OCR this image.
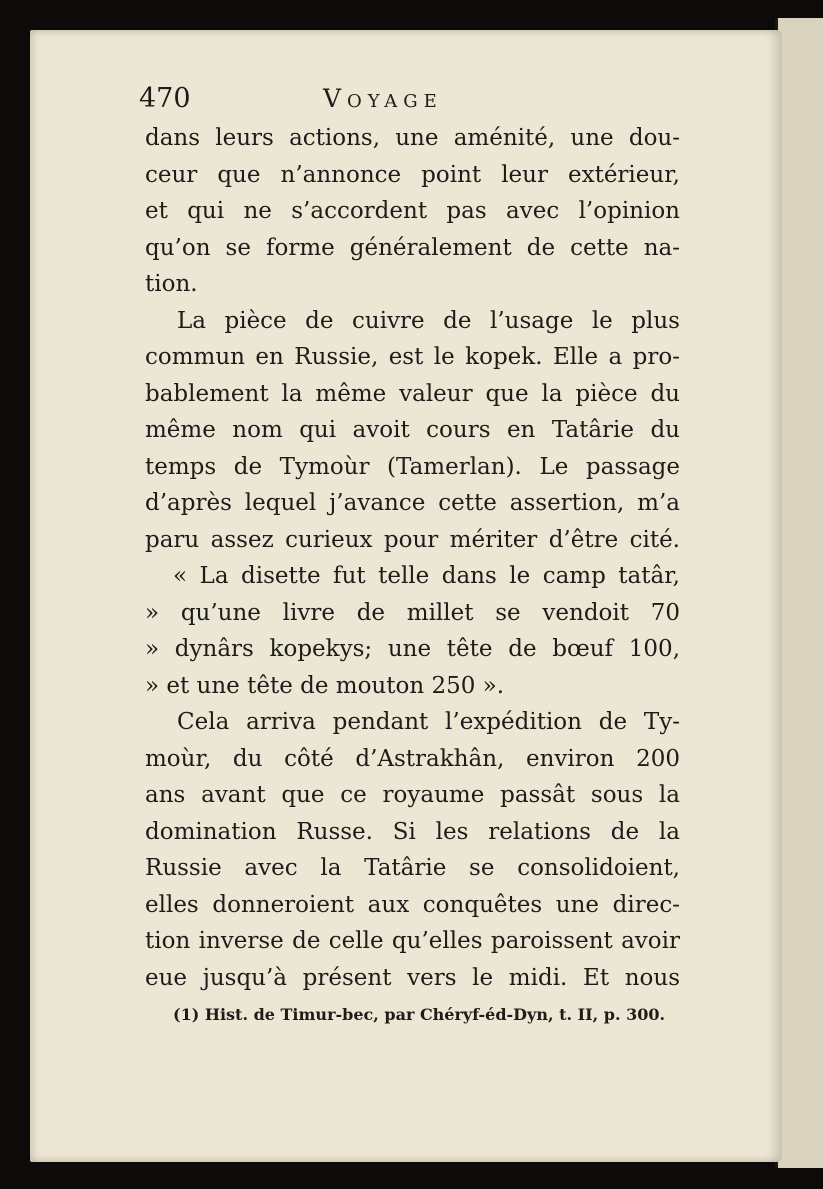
470	Voyage
dans leurs actions, une aménité, une dou-
ceur que n’annonce point leur extérieur,
et qui ne s’accordent pas avec l’opinion
qu’on se forme généralement de cette na-
tion.
La pièce de cuivre de l’usage le plus
commun en Russie, est le kopek. Elle a pro-
bablement la même valeur que la pièce du
même nom qui avoit cours en Tatârie du
temps de Tymoùr (Tamerlan). Le passage
d’après lequel j’avance cette assertion, m’a
paru assez curieux pour mériter d’être cité.
« La disette fut telle dans le camp tatâr,
» qu’une livre de millet se vendoit 70
» dynârs kopekys; une tête de bœuf 100,
» et une tête de mouton 250 ».
Cela arriva pendant l’expédition de Ty-
moùr, du côté d’Astrakhân, environ 200
ans avant que ce royaume passât sous la
domination Russe. Si les relations de la
Russie avec la Tatârie se consolidoient,
elles donneroient aux conquêtes une direc-
tion inverse de celle qu’elles paroissent avoir
eue jusqu’à présent vers le midi. Et nous
(1) Hist. de Timur-bec, par Chéryf-éd-Dyn, t. II, p. 300.
